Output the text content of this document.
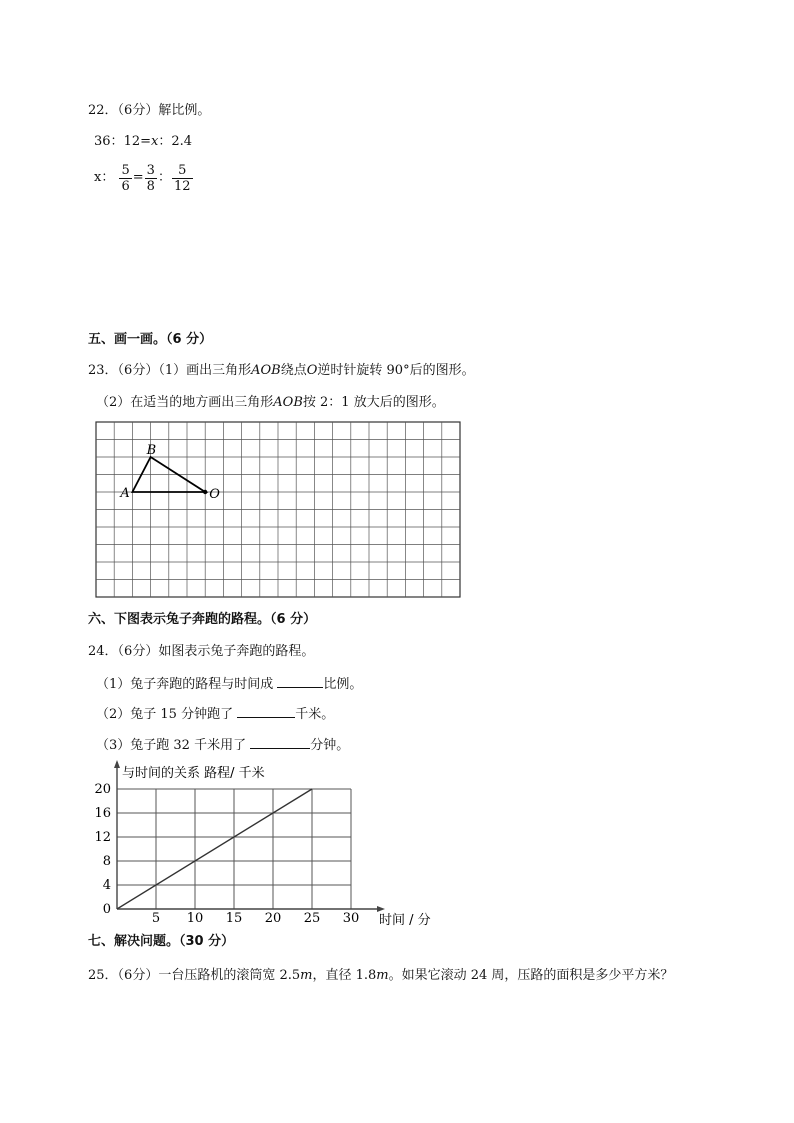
22．（6分）解比例。
36：12=x：2.4
x： $\frac{5}{6} = \frac{3}{8}$ ： $\frac{5}{12}$
五、画一画。（6 分）
23．（6分）（1）画出三角形AOB绕点O逆时针旋转 90°后的图形。
（2）在适当的地方画出三角形AOB按 2：1 放大后的图形。
A
B
O
六、下图表示兔子奔跑的路程。（6 分）
24．（6分）如图表示兔子奔跑的路程。
（1）兔子奔跑的路程与时间成	比例。
（2）兔子 15 分钟跑了	千米。
（3）兔子跑 32 千米用了	分钟。
0
4
8
12
16
20
5 10 15 20 25 30
与时间的关系 路程/ 千米
时间 / 分
七、解决问题。（30 分）
25．（6分）一台压路机的滚筒宽 2.5m，直径 1.8m。如果它滚动 24 周，压路的面积是多少平方米？
